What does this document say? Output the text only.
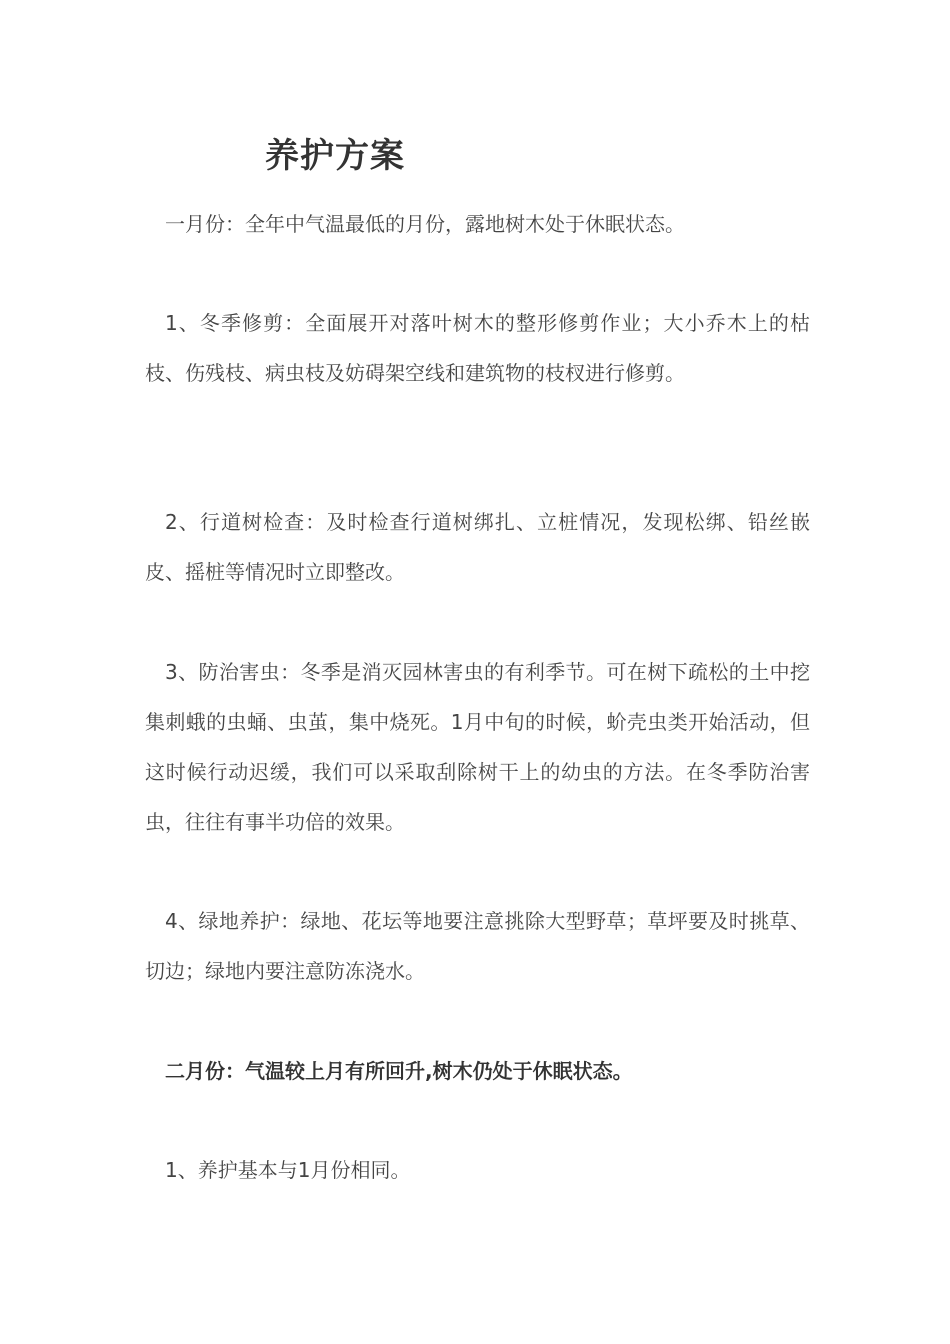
养护方案

一月份：全年中气温最低的月份，露地树木处于休眠状态。

1、冬季修剪：全面展开对落叶树木的整形修剪作业；大小乔木上的枯枝、伤残枝、病虫枝及妨碍架空线和建筑物的枝杈进行修剪。

2、行道树检查：及时检查行道树绑扎、立桩情况，发现松绑、铅丝嵌皮、摇桩等情况时立即整改。

3、防治害虫：冬季是消灭园林害虫的有利季节。可在树下疏松的土中挖集刺蛾的虫蛹、虫茧，集中烧死。1月中旬的时候，蚧壳虫类开始活动，但这时候行动迟缓，我们可以采取刮除树干上的幼虫的方法。在冬季防治害虫，往往有事半功倍的效果。

4、绿地养护：绿地、花坛等地要注意挑除大型野草；草坪要及时挑草、切边；绿地内要注意防冻浇水。

二月份：气温较上月有所回升,树木仍处于休眠状态。

1、养护基本与1月份相同。
